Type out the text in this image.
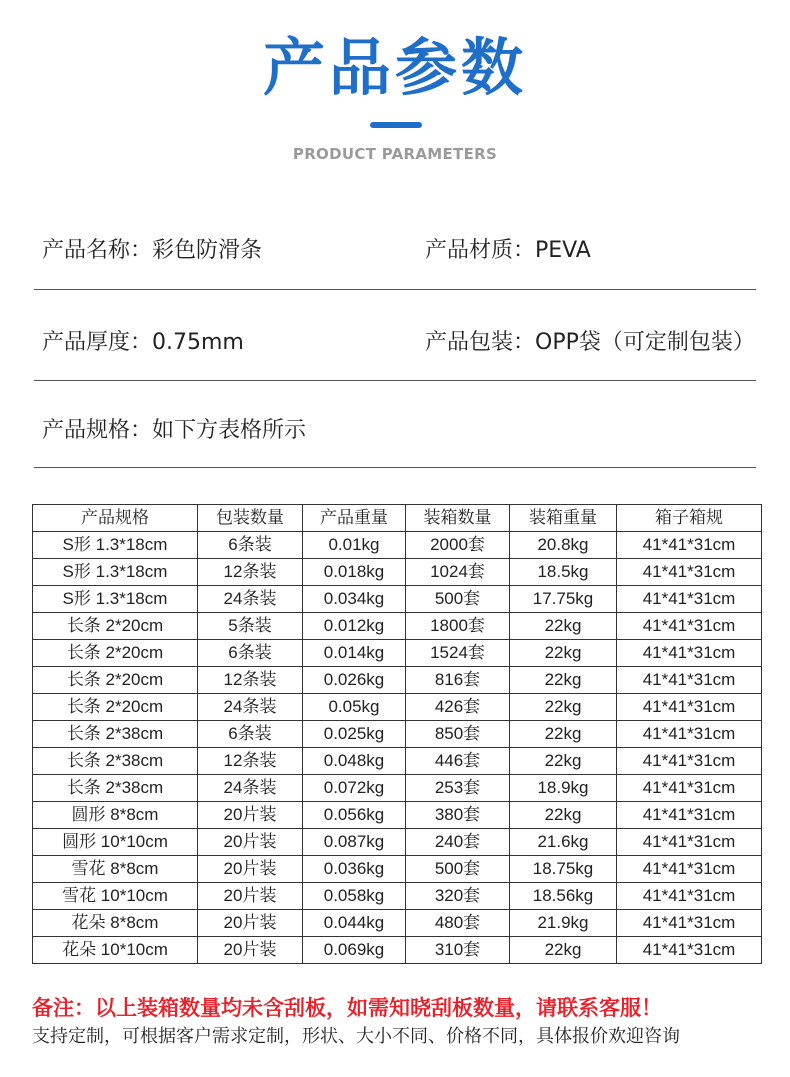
产品参数
PRODUCT PARAMETERS
产品名称：彩色防滑条	产品材质：PEVA
产品厚度：0.75mm	产品包装：OPP袋（可定制包装）
产品规格：如下方表格所示
产品规格	包装数量	产品重量	装箱数量	装箱重量	箱子箱规
S形 1.3*18cm	6条装	0.01kg	2000套	20.8kg	41*41*31cm
S形 1.3*18cm	12条装	0.018kg	1024套	18.5kg	41*41*31cm
S形 1.3*18cm	24条装	0.034kg	500套	17.75kg	41*41*31cm
长条 2*20cm	5条装	0.012kg	1800套	22kg	41*41*31cm
长条 2*20cm	6条装	0.014kg	1524套	22kg	41*41*31cm
长条 2*20cm	12条装	0.026kg	816套	22kg	41*41*31cm
长条 2*20cm	24条装	0.05kg	426套	22kg	41*41*31cm
长条 2*38cm	6条装	0.025kg	850套	22kg	41*41*31cm
长条 2*38cm	12条装	0.048kg	446套	22kg	41*41*31cm
长条 2*38cm	24条装	0.072kg	253套	18.9kg	41*41*31cm
圆形 8*8cm	20片装	0.056kg	380套	22kg	41*41*31cm
圆形 10*10cm	20片装	0.087kg	240套	21.6kg	41*41*31cm
雪花 8*8cm	20片装	0.036kg	500套	18.75kg	41*41*31cm
雪花 10*10cm	20片装	0.058kg	320套	18.56kg	41*41*31cm
花朵 8*8cm	20片装	0.044kg	480套	21.9kg	41*41*31cm
花朵 10*10cm	20片装	0.069kg	310套	22kg	41*41*31cm
备注：以上装箱数量均未含刮板，如需知晓刮板数量，请联系客服！
支持定制，可根据客户需求定制，形状、大小不同、价格不同，具体报价欢迎咨询
